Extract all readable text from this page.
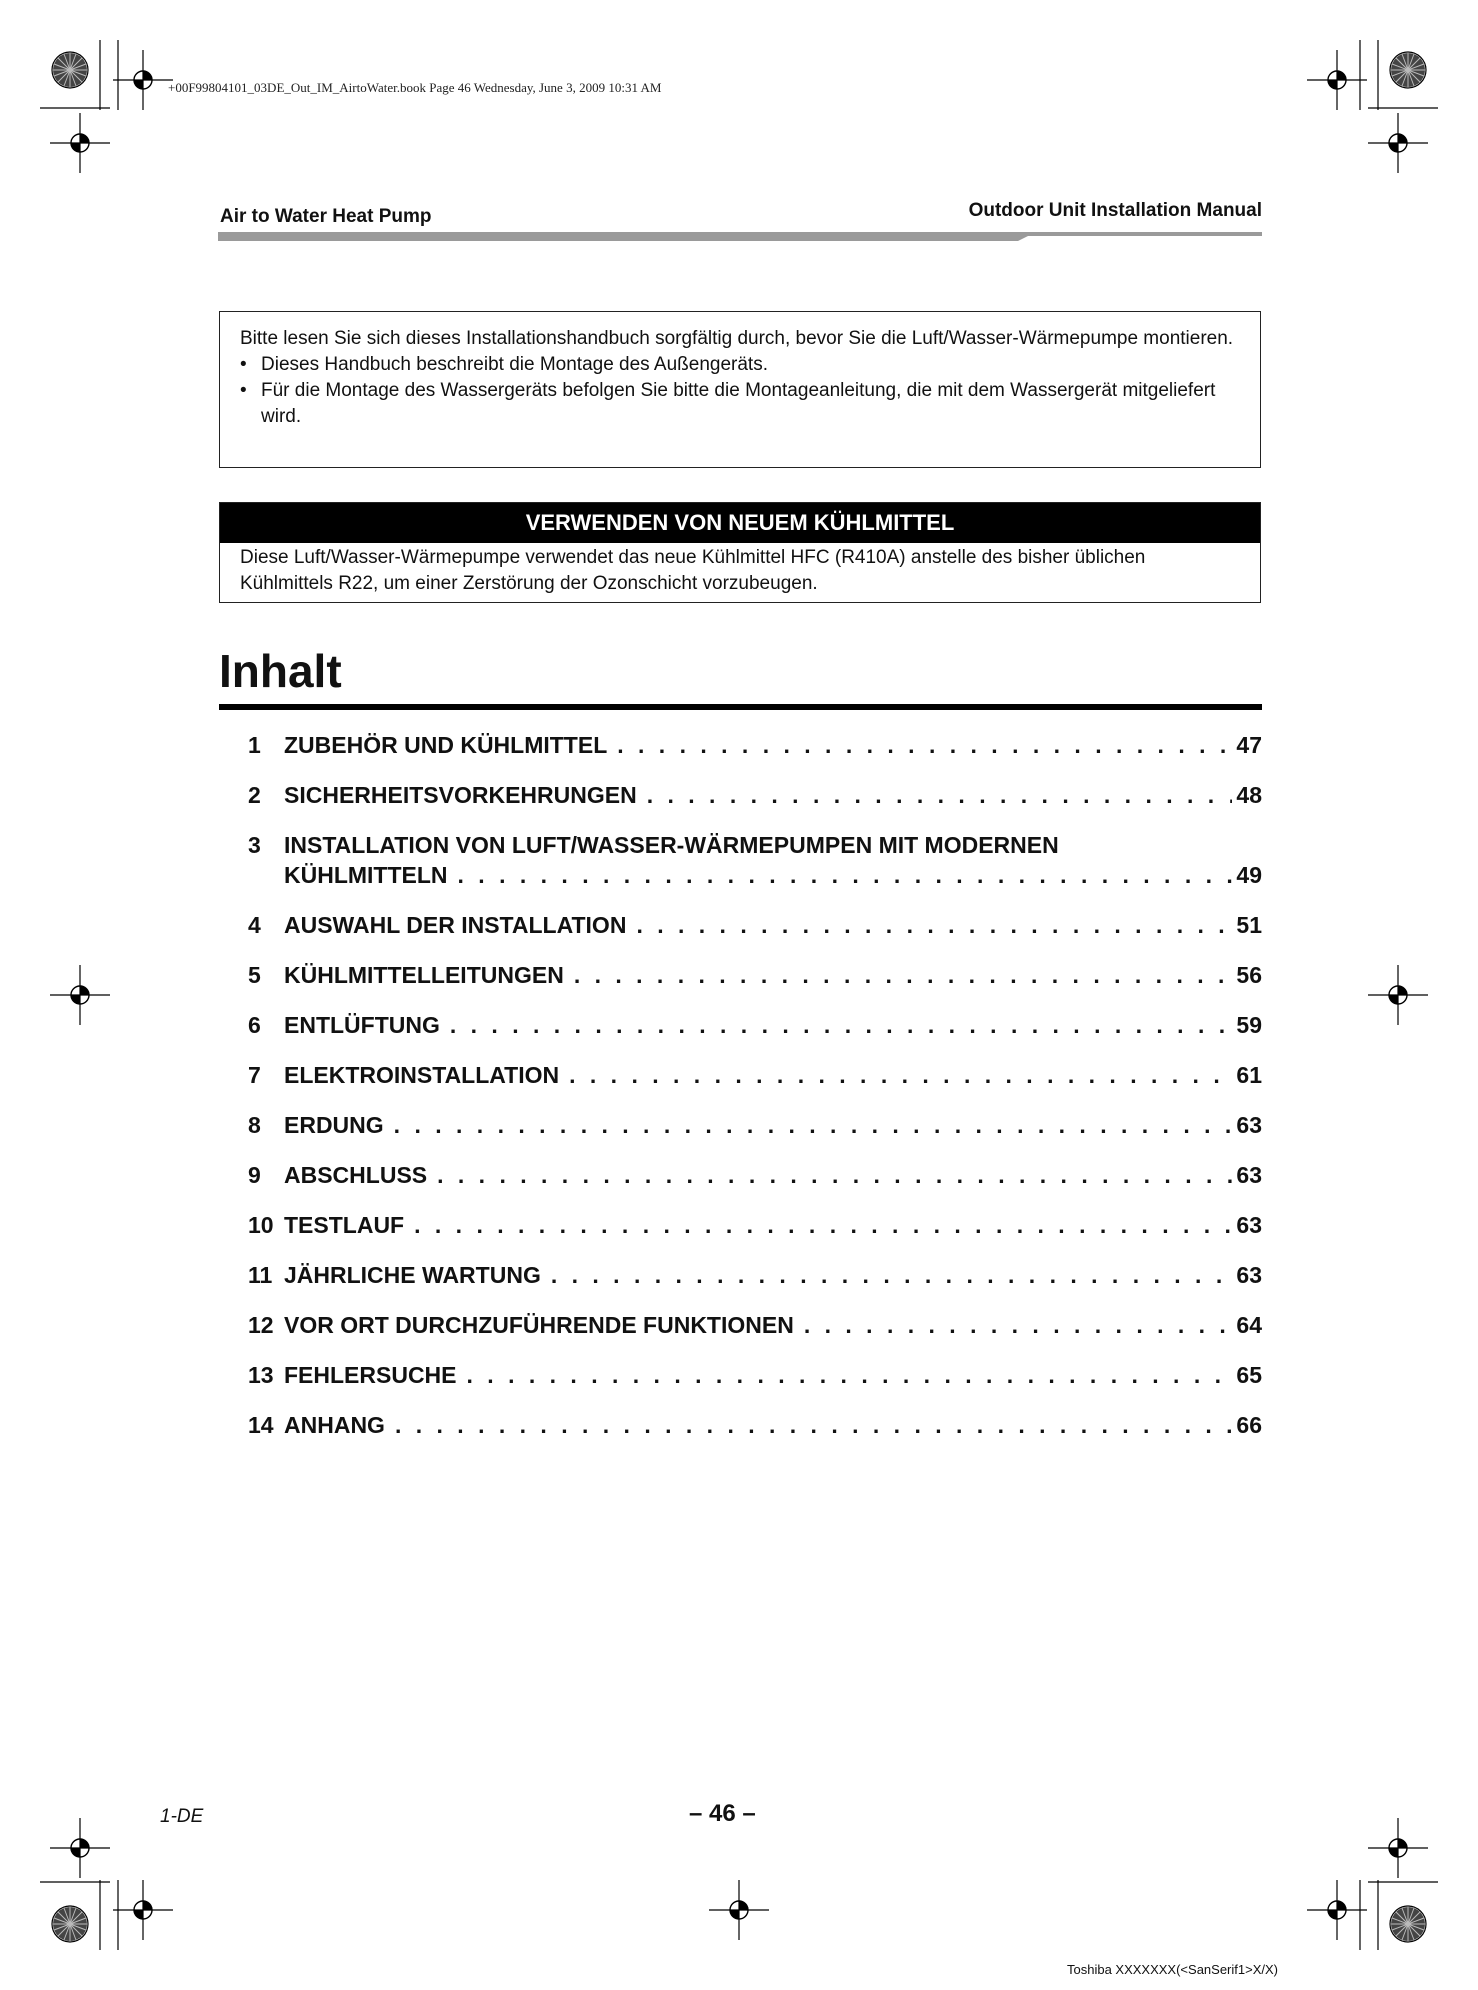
+00F99804101_03DE_Out_IM_AirtoWater.book Page 46 Wednesday, June 3, 2009 10:31 AM
Air to Water Heat Pump	Outdoor Unit Installation Manual

Bitte lesen Sie sich dieses Installationshandbuch sorgfältig durch, bevor Sie die Luft/Wasser-Wärmepumpe montieren.

• Dieses Handbuch beschreibt die Montage des Außengeräts.
• Für die Montage des Wassergeräts befolgen Sie bitte die Montageanleitung, die mit dem Wassergerät mitgeliefert wird.
VERWENDEN VON NEUEM KÜHLMITTEL
Diese Luft/Wasser-Wärmepumpe verwendet das neue Kühlmittel HFC (R410A) anstelle des bisher üblichen Kühlmittels R22, um einer Zerstörung der Ozonschicht vorzubeugen.
Inhalt
1 ZUBEHÖR UND KÜHLMITTEL . . .	47
2 SICHERHEITSVORKEHRUNGEN . . .	48
3 INSTALLATION VON LUFT/WASSER-WÄRMEPUMPEN MIT MODERNEN
KÜHLMITTELN . . .	49
4 AUSWAHL DER INSTALLATION . . .	51
5 KÜHLMITTELLEITUNGEN . . .	56
6 ENTLÜFTUNG . . .	59
7 ELEKTROINSTALLATION . . .	61
8 ERDUNG . . .	63
9 ABSCHLUSS . . .	63
10 TESTLAUF . . .	63
11 JÄHRLICHE WARTUNG . . .	63
12 VOR ORT DURCHZUFÜHRENDE FUNKTIONEN . . .	64
13 FEHLERSUCHE . . .	65
14 ANHANG . . .	66
1-DE	– 46 –
Toshiba XXXXXXX(<SanSerif1>X/X)
